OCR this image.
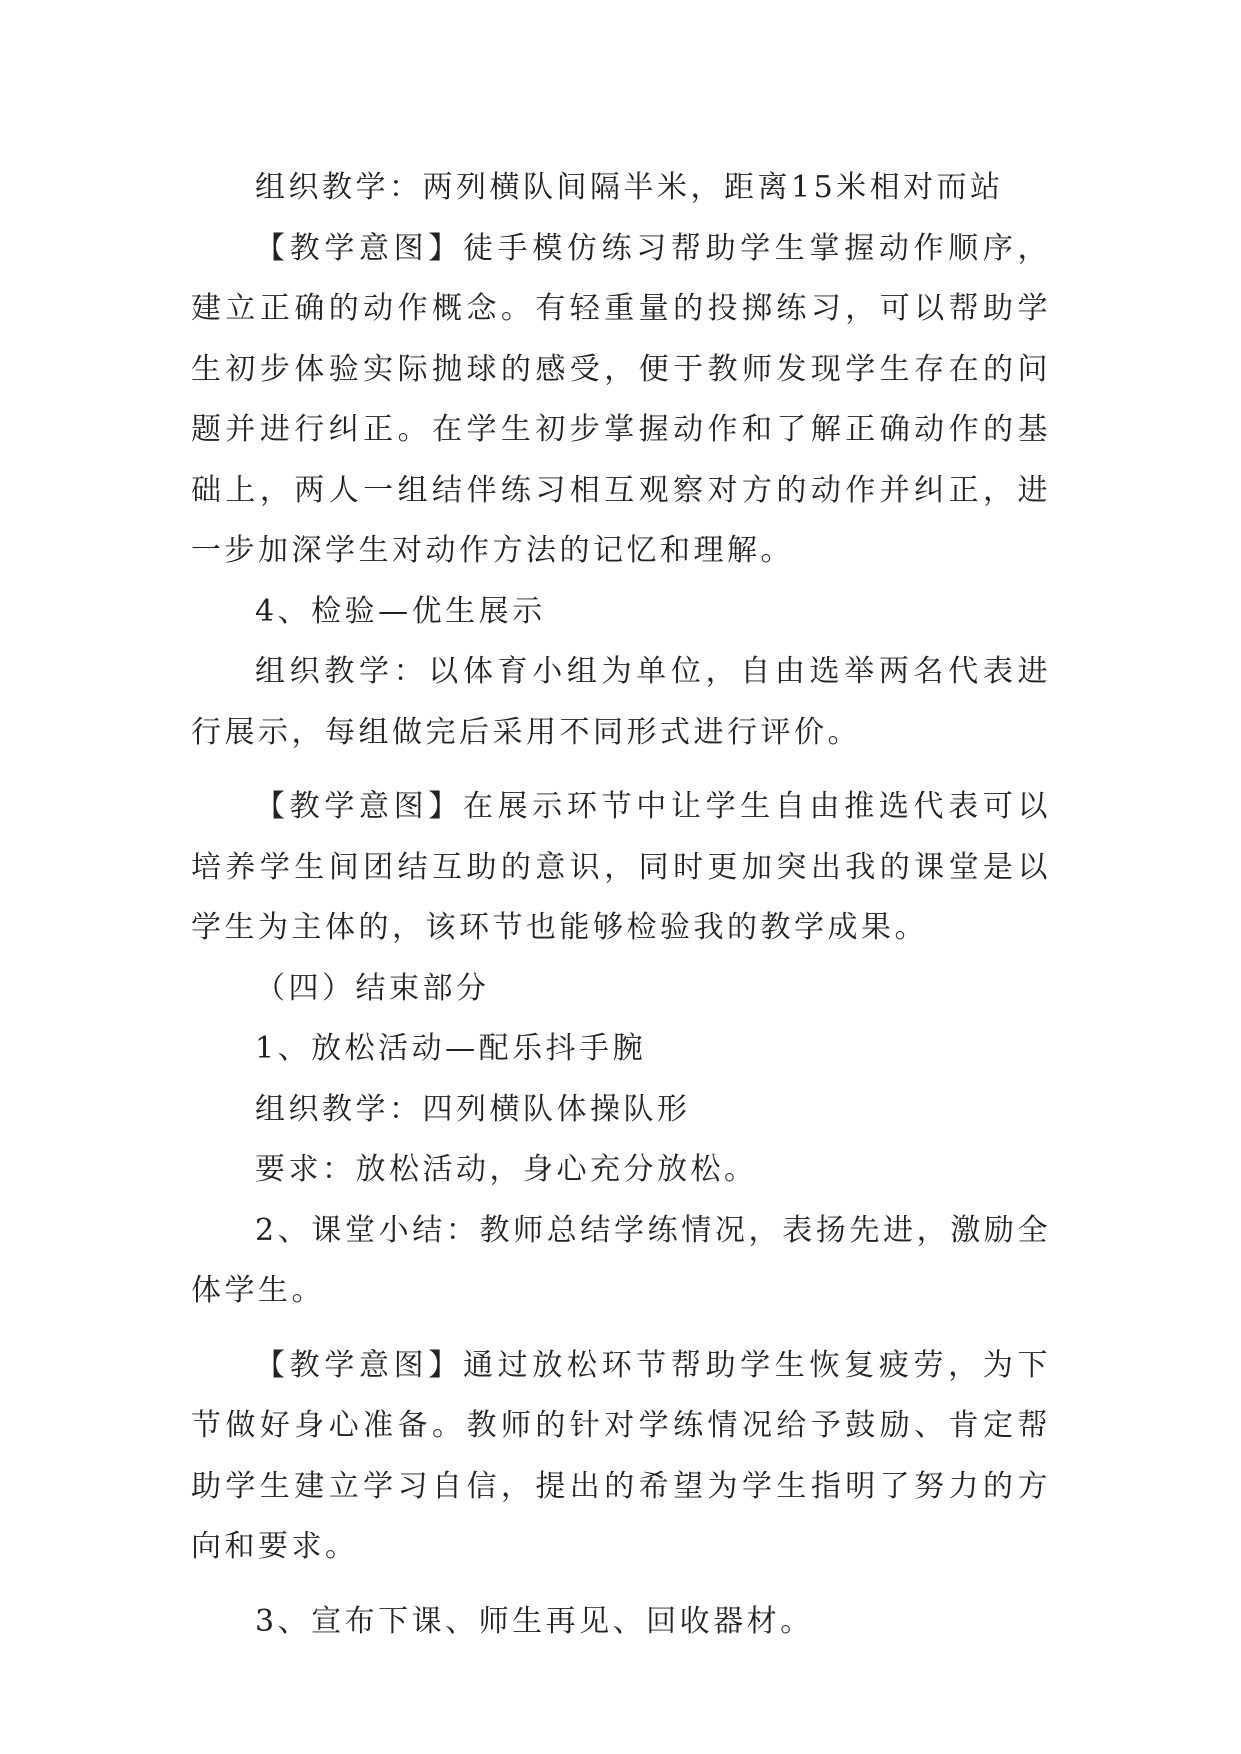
组织教学：两列横队间隔半米，距离15米相对而站

【教学意图】徒手模仿练习帮助学生掌握动作顺序，建立正确的动作概念。有轻重量的投掷练习，可以帮助学生初步体验实际抛球的感受，便于教师发现学生存在的问题并进行纠正。在学生初步掌握动作和了解正确动作的基础上，两人一组结伴练习相互观察对方的动作并纠正，进一步加深学生对动作方法的记忆和理解。

4、检验—优生展示

组织教学：以体育小组为单位，自由选举两名代表进行展示，每组做完后采用不同形式进行评价。

【教学意图】在展示环节中让学生自由推选代表可以培养学生间团结互助的意识，同时更加突出我的课堂是以学生为主体的，该环节也能够检验我的教学成果。

（四）结束部分

1、放松活动—配乐抖手腕

组织教学：四列横队体操队形

要求：放松活动，身心充分放松。

2、课堂小结：教师总结学练情况，表扬先进，激励全体学生。

【教学意图】通过放松环节帮助学生恢复疲劳，为下节做好身心准备。教师的针对学练情况给予鼓励、肯定帮助学生建立学习自信，提出的希望为学生指明了努力的方向和要求。

3、宣布下课、师生再见、回收器材。
